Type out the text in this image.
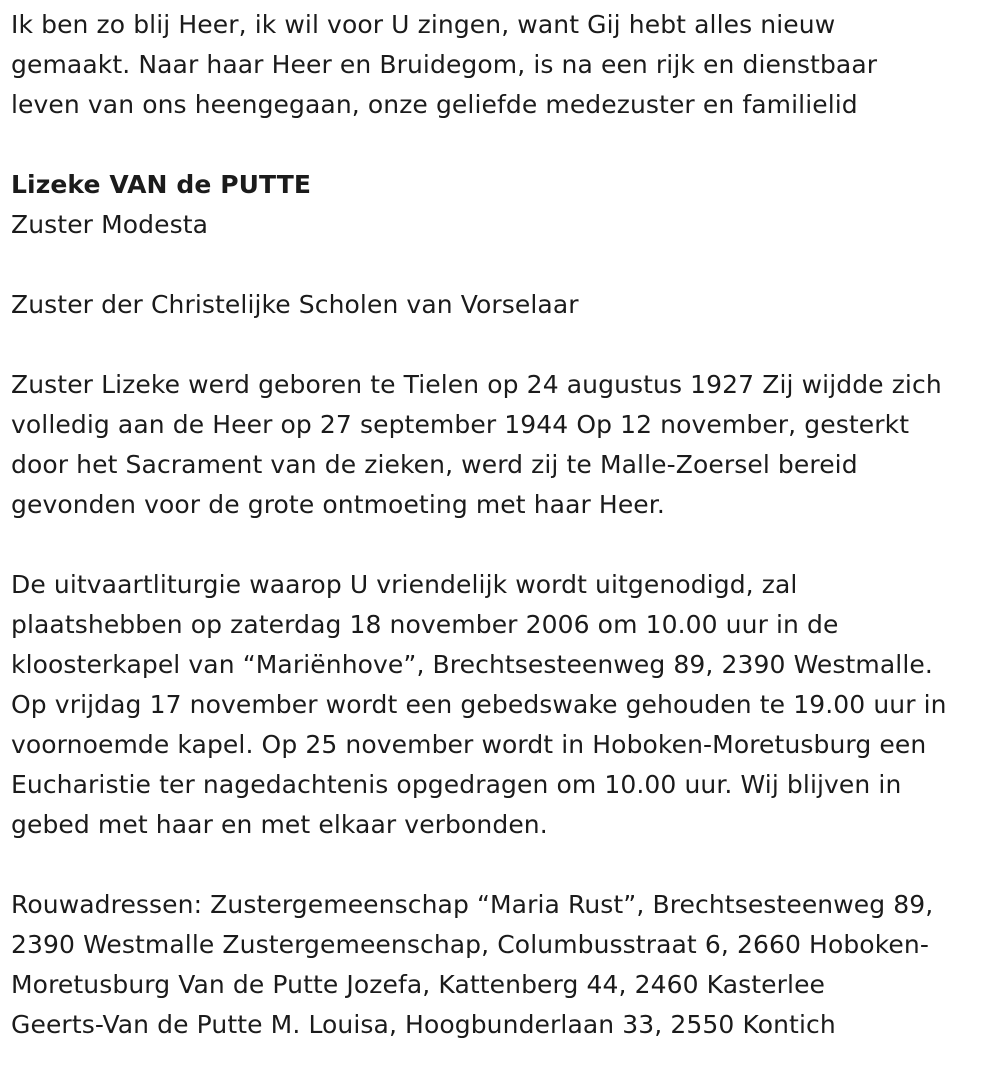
Ik ben zo blij Heer, ik wil voor U zingen, want Gij hebt alles nieuw
gemaakt. Naar haar Heer en Bruidegom, is na een rijk en dienstbaar
leven van ons heengegaan, onze geliefde medezuster en familielid

Lizeke VAN de PUTTE

Zuster Modesta

Zuster der Christelijke Scholen van Vorselaar

Zuster Lizeke werd geboren te Tielen op 24 augustus 1927 Zij wijdde zich
volledig aan de Heer op 27 september 1944 Op 12 november, gesterkt
door het Sacrament van de zieken, werd zij te Malle-Zoersel bereid
gevonden voor de grote ontmoeting met haar Heer.

De uitvaartliturgie waarop U vriendelijk wordt uitgenodigd, zal
plaatshebben op zaterdag 18 november 2006 om 10.00 uur in de
kloosterkapel van “Mariënhove”, Brechtsesteenweg 89, 2390 Westmalle.
Op vrijdag 17 november wordt een gebedswake gehouden te 19.00 uur in
voornoemde kapel. Op 25 november wordt in Hoboken-Moretusburg een
Eucharistie ter nagedachtenis opgedragen om 10.00 uur. Wij blijven in
gebed met haar en met elkaar verbonden.

Rouwadressen: Zustergemeenschap “Maria Rust”, Brechtsesteenweg 89,
2390 Westmalle Zustergemeenschap, Columbusstraat 6, 2660 Hoboken-
Moretusburg Van de Putte Jozefa, Kattenberg 44, 2460 Kasterlee
Geerts-Van de Putte M. Louisa, Hoogbunderlaan 33, 2550 Kontich
